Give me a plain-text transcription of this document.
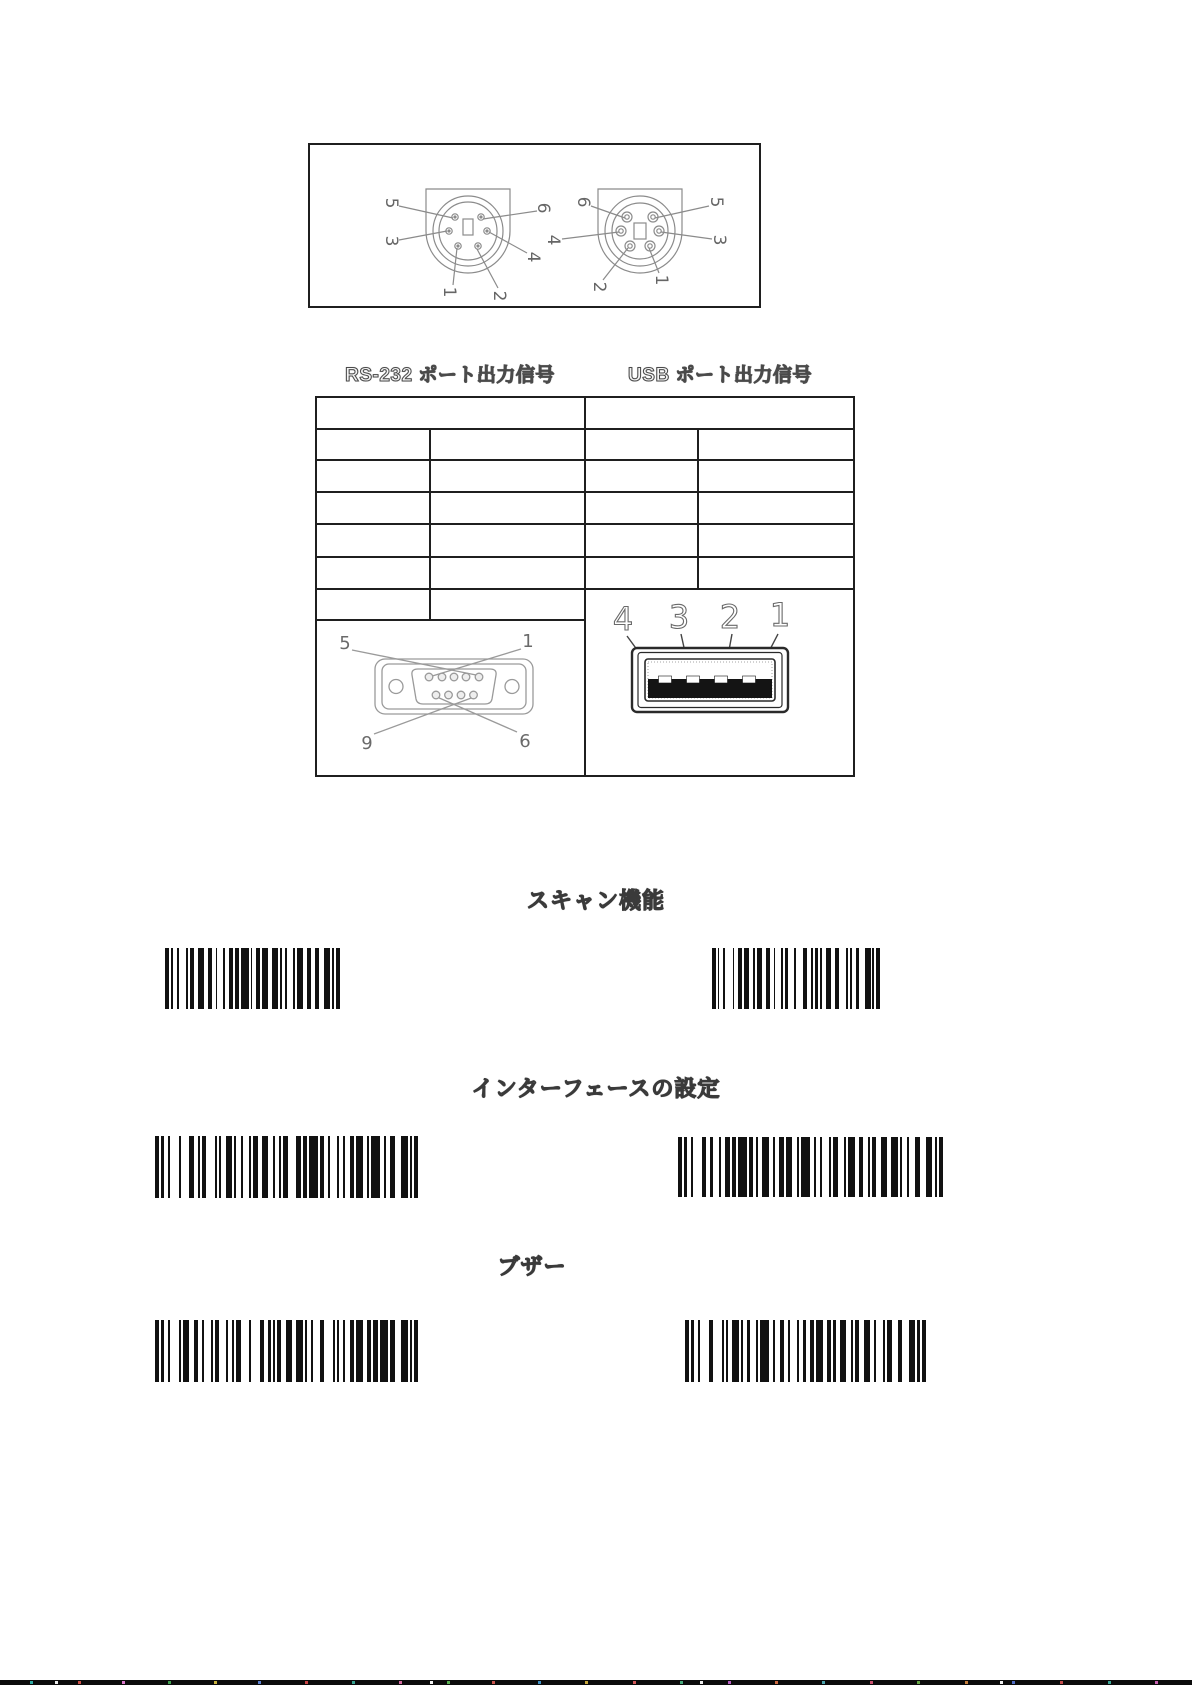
5
3
1 2
4
6
6
4
2
1
3
5
RS-232 ポート出力信号	USB ポート出力信号
5	1
9	6
4 3 2 1
スキャン機能
インターフェースの設定
ブザー
